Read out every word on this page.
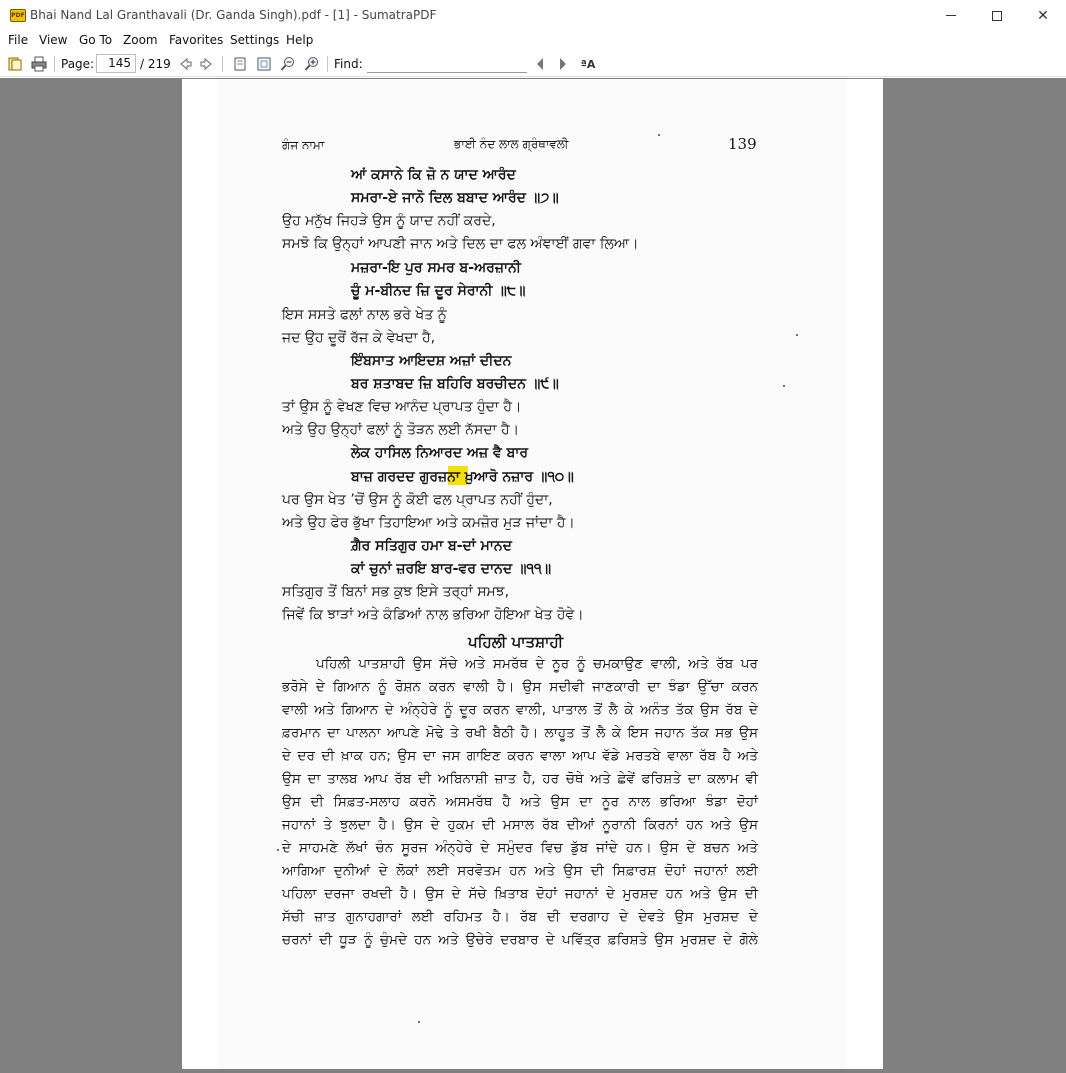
PDF Bhai Nand Lal Granthavali (Dr. Ganda Singh).pdf - [1] - SumatraPDF	✕
File View Go To Zoom Favorites Settings Help
Page:	145 / 219	Find:	ªA
ਗੰਜ ਨਾਮਾ	ਭਾਈ ਨੰਦ ਲਾਲ ਗ੍ਰੰਥਾਵਲੀ	139
ਆਂ ਕਸਾਨੇ ਕਿ ਜ਼ੋ ਨ ਯਾਦ ਆਰੰਦ
ਸਮਰਾ-ਏ ਜਾਨੋ ਦਿਲ ਬਬਾਦ ਆਰੰਦ ॥੭॥
ਉਹ ਮਨੁੱਖ ਜਿਹੜੇ ਉਸ ਨੂੰ ਯਾਦ ਨਹੀਂ ਕਰਦੇ,
ਸਮਝੋ ਕਿ ਉਨ੍ਹਾਂ ਆਪਣੀ ਜਾਨ ਅਤੇ ਦਿਲ ਦਾ ਫਲ ਅੰਞਾਈਂ ਗਵਾ ਲਿਆ।
ਮਜ਼ਰਾ-ਇ ਪੁਰ ਸਮਰ ਬ-ਅਰਜ਼ਾਨੀ
ਚੂੰ ਮ-ਬੀਨਦ ਜ਼ਿ ਦੂਰ ਸੇਰਾਨੀ ॥੮॥
ਇਸ ਸਸਤੇ ਫਲਾਂ ਨਾਲ ਭਰੇ ਖੇਤ ਨੂੰ
ਜਦ ਉਹ ਦੂਰੋਂ ਰੱਜ ਕੇ ਵੇਖਦਾ ਹੈ,
ਇੰਬਸਾਤ ਆਇਦਸ਼ ਅਜ਼ਾਂ ਦੀਦਨ
ਬਰ ਸ਼ਤਾਬਦ ਜ਼ਿ ਬਹਿਰਿ ਬਰਚੀਦਨ ॥੯॥
ਤਾਂ ਉਸ ਨੂੰ ਵੇਖਣ ਵਿਚ ਆਨੰਦ ਪ੍ਰਾਪਤ ਹੁੰਦਾ ਹੈ।
ਅਤੇ ਉਹ ਉਨ੍ਹਾਂ ਫਲਾਂ ਨੂੰ ਤੋੜਨ ਲਈ ਨੱਸਦਾ ਹੈ।
ਲੇਕ ਹਾਸਿਲ ਨਿਆਰਦ ਅਜ਼ ਵੈ ਬਾਰ
ਬਾਜ਼ ਗਰਦਦ ਗੁਰਜ਼ਨਾ ਖ਼ੁਆਰੋ ਨਜ਼ਾਰ ॥੧੦॥
ਪਰ ਉਸ ਖੇਤ ’ਚੋਂ ਉਸ ਨੂੰ ਕੋਈ ਫਲ ਪ੍ਰਾਪਤ ਨਹੀਂ ਹੁੰਦਾ,
ਅਤੇ ਉਹ ਫੇਰ ਭੁੱਖਾ ਤਿਹਾਇਆ ਅਤੇ ਕਮਜ਼ੋਰ ਮੁੜ ਜਾਂਦਾ ਹੈ।
ਗ਼ੈਰ ਸਤਿਗੁਰ ਹਮਾ ਬ-ਦਾਂ ਮਾਨਦ
ਕਾਂ ਚੁਨਾਂ ਜ਼ਰਇ ਬਾਰ-ਵਰ ਦਾਨਦ ॥੧੧॥
ਸਤਿਗੁਰ ਤੋਂ ਬਿਨਾਂ ਸਭ ਕੁਝ ਇਸੇ ਤਰ੍ਹਾਂ ਸਮਝ,
ਜਿਵੇਂ ਕਿ ਝਾੜਾਂ ਅਤੇ ਕੰਡਿਆਂ ਨਾਲ ਭਰਿਆ ਹੋਇਆ ਖੇਤ ਹੋਵੇ।
ਪਹਿਲੀ ਪਾਤਸ਼ਾਹੀ
ਪਹਿਲੀ ਪਾਤਸ਼ਾਹੀ ਉਸ ਸੱਚੇ ਅਤੇ ਸਮਰੱਥ ਦੇ ਨੂਰ ਨੂੰ ਚਮਕਾਉਣ ਵਾਲੀ, ਅਤੇ ਰੱਬ ਪਰ
ਭਰੋਸੇ ਦੇ ਗਿਆਨ ਨੂੰ ਰੋਸ਼ਨ ਕਰਨ ਵਾਲੀ ਹੈ। ਉਸ ਸਦੀਵੀ ਜਾਣਕਾਰੀ ਦਾ ਝੰਡਾ ਉੱਚਾ ਕਰਨ
ਵਾਲੀ ਅਤੇ ਗਿਆਨ ਦੇ ਅੰਨ੍ਹੇਰੇ ਨੂੰ ਦੂਰ ਕਰਨ ਵਾਲੀ, ਪਾਤਾਲ ਤੋਂ ਲੈ ਕੇ ਅਨੰਤ ਤੱਕ ਉਸ ਰੱਬ ਦੇ
ਫ਼ਰਮਾਨ ਦਾ ਪਾਲਨਾ ਆਪਣੇ ਮੋਢੇ ਤੇ ਰਖੀ ਬੈਠੀ ਹੈ। ਲਾਹੂਤ ਤੋਂ ਲੈ ਕੇ ਇਸ ਜਹਾਨ ਤੱਕ ਸਭ ਉਸ
ਦੇ ਦਰ ਦੀ ਖ਼ਾਕ ਹਨ; ਉਸ ਦਾ ਜਸ ਗਾਇਣ ਕਰਨ ਵਾਲਾ ਆਪ ਵੱਡੇ ਮਰਤਬੇ ਵਾਲਾ ਰੱਬ ਹੈ ਅਤੇ
ਉਸ ਦਾ ਤਾਲਬ ਆਪ ਰੱਬ ਦੀ ਅਬਿਨਾਸ਼ੀ ਜ਼ਾਤ ਹੈ, ਹਰ ਚੋਥੇ ਅਤੇ ਛੇਵੇਂ ਫਰਿਸ਼ਤੇ ਦਾ ਕਲਾਮ ਵੀ
ਉਸ ਦੀ ਸਿਫ਼ਤ-ਸਲਾਹ ਕਰਨੋ ਅਸਮਰੱਥ ਹੈ ਅਤੇ ਉਸ ਦਾ ਨੂਰ ਨਾਲ ਭਰਿਆ ਝੰਡਾ ਦੋਹਾਂ
ਜਹਾਨਾਂ ਤੇ ਝੁਲਦਾ ਹੈ। ਉਸ ਦੇ ਹੁਕਮ ਦੀ ਮਸਾਲ ਰੱਬ ਦੀਆਂ ਨੂਰਾਨੀ ਕਿਰਨਾਂ ਹਨ ਅਤੇ ਉਸ
ਦੇ ਸਾਹਮਣੇ ਲੱਖਾਂ ਚੰਨ ਸੂਰਜ ਅੰਨ੍ਹੇਰੇ ਦੇ ਸਮੁੰਦਰ ਵਿਚ ਡੁੱਬ ਜਾਂਦੇ ਹਨ। ਉਸ ਦੇ ਬਚਨ ਅਤੇ
ਆਗਿਆ ਦੁਨੀਆਂ ਦੇ ਲੋਕਾਂ ਲਈ ਸਰਵੋਤਮ ਹਨ ਅਤੇ ਉਸ ਦੀ ਸਿਫ਼ਾਰਸ਼ ਦੋਹਾਂ ਜਹਾਨਾਂ ਲਈ
ਪਹਿਲਾ ਦਰਜਾ ਰਖਦੀ ਹੈ। ਉਸ ਦੇ ਸੱਚੇ ਖ਼ਿਤਾਬ ਦੋਹਾਂ ਜਹਾਨਾਂ ਦੇ ਮੁਰਸ਼ਦ ਹਨ ਅਤੇ ਉਸ ਦੀ
ਸੱਚੀ ਜ਼ਾਤ ਗੁਨਾਹਗਾਰਾਂ ਲਈ ਰਹਿਮਤ ਹੈ। ਰੱਬ ਦੀ ਦਰਗਾਹ ਦੇ ਦੇਵਤੇ ਉਸ ਮੁਰਸ਼ਦ ਦੇ
ਚਰਨਾਂ ਦੀ ਧੂੜ ਨੂੰ ਚੁੰਮਦੇ ਹਨ ਅਤੇ ਉਚੇਰੇ ਦਰਬਾਰ ਦੇ ਪਵਿੱਤ੍ਰ ਫ਼ਰਿਸ਼ਤੇ ਉਸ ਮੁਰਸ਼ਦ ਦੇ ਗੋਲੇ
